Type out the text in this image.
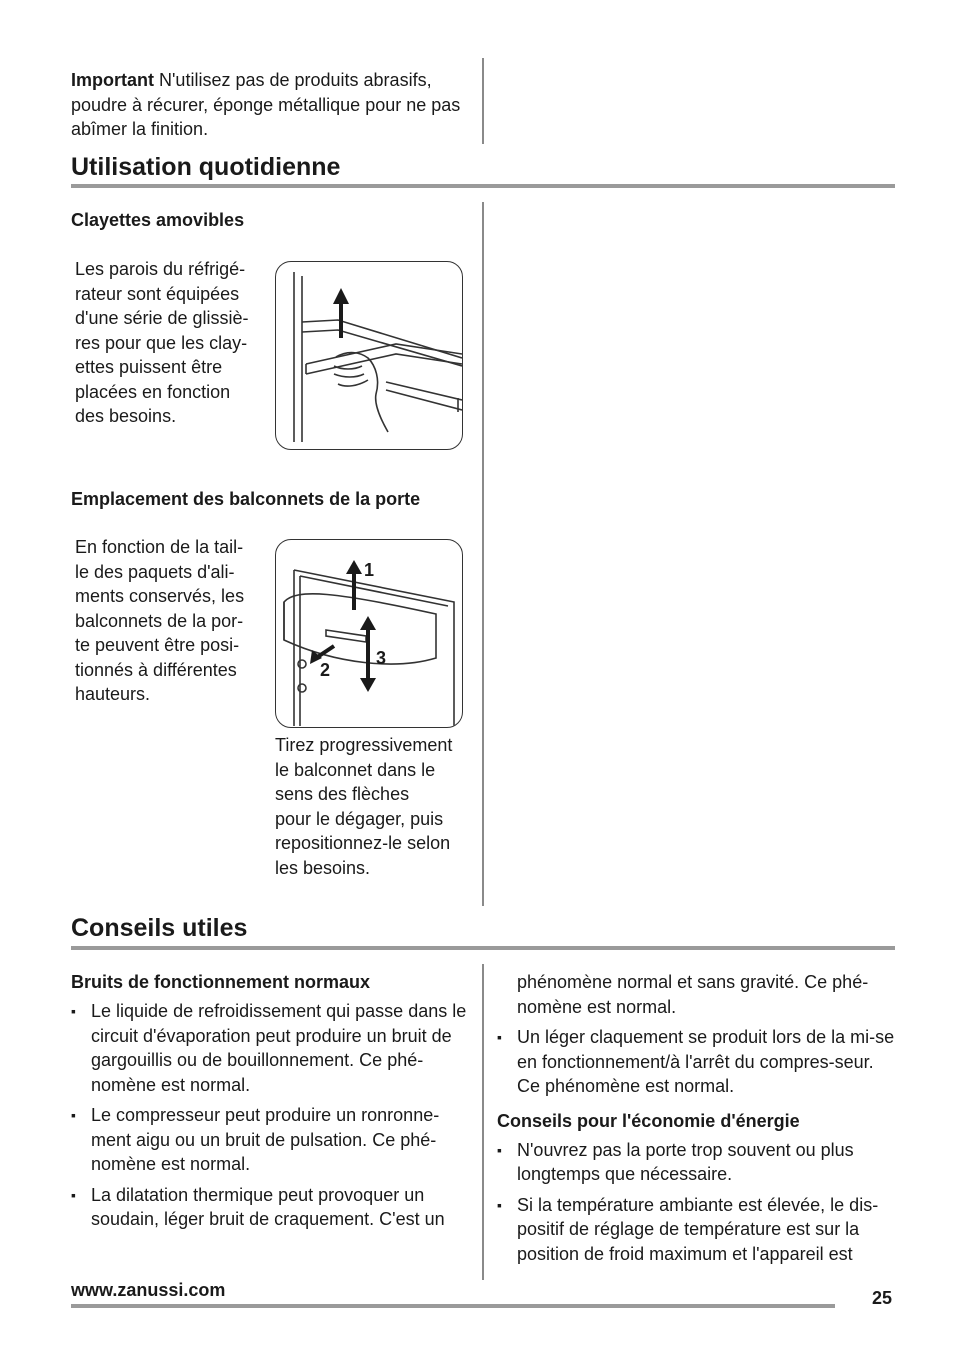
Important N'utilisez pas de produits abrasifs, poudre à récurer, éponge métallique pour ne pas abîmer la finition.
Utilisation quotidienne
Clayettes amovibles
Les parois du réfrigé-
rateur sont équipées
d'une série de glissiè-
res pour que les clay-
ettes puissent être
placées en fonction
des besoins.
Emplacement des balconnets de la porte
En fonction de la tail-
le des paquets d'ali-
ments conservés, les
balconnets de la por-
te peuvent être posi-
tionnés à différentes
hauteurs.
1
2
3
Tirez progressivement
le balconnet dans le
sens des flèches
pour le dégager, puis
repositionnez-le selon
les besoins.
Conseils utiles
Bruits de fonctionnement normaux
▪ Le liquide de refroidissement qui passe dans le circuit d'évaporation peut produire un bruit de gargouillis ou de bouillonnement. Ce phé-nomène est normal.
▪ Le compresseur peut produire un ronronne-ment aigu ou un bruit de pulsation. Ce phé-nomène est normal.
▪ La dilatation thermique peut provoquer un soudain, léger bruit de craquement. C'est un

phénomène normal et sans gravité. Ce phé-nomène est normal.

▪ Un léger claquement se produit lors de la mi-se en fonctionnement/à l'arrêt du compres-seur. Ce phénomène est normal.
Conseils pour l'économie d'énergie
▪ N'ouvrez pas la porte trop souvent ou plus longtemps que nécessaire.
▪ Si la température ambiante est élevée, le dis-positif de réglage de température est sur la position de froid maximum et l'appareil est
www.zanussi.com	25
